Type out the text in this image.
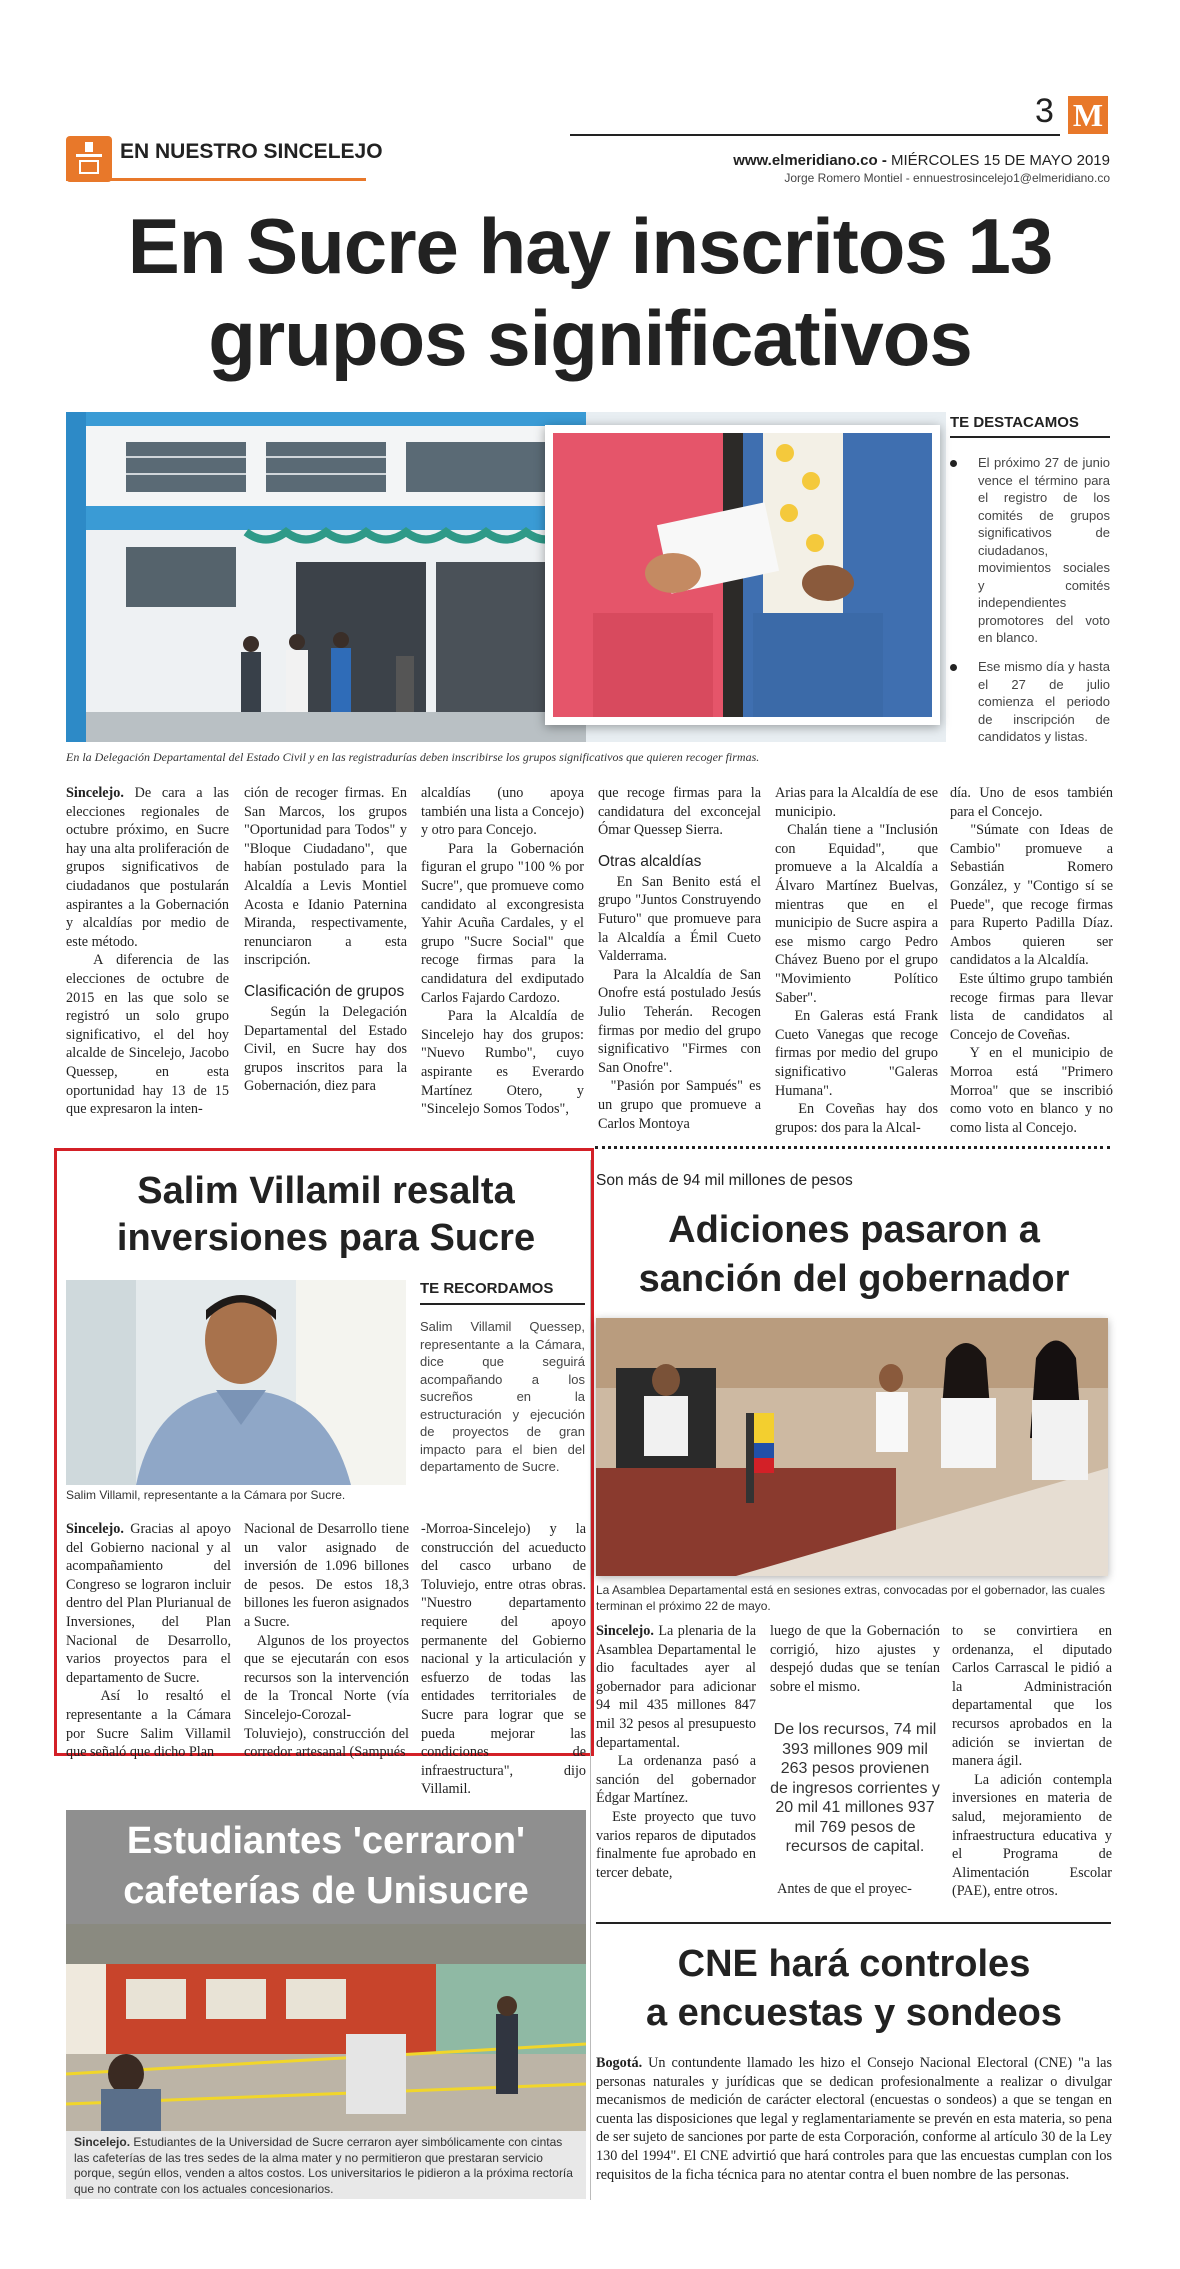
3 M
EN NUESTRO SINCELEJO	www.elmeridiano.co - MIÉRCOLES 15 DE MAYO 2019
Jorge Romero Montiel - ennuestrosincelejo1@elmeridiano.co
En Sucre hay inscritos 13
grupos significativos
En la Delegación Departamental del Estado Civil y en las registradurías deben inscribirse los grupos significativos que quieren recoger firmas.
TE DESTACAMOS
El próximo 27 de junio vence el término para el registro de los comités de grupos significativos de ciudadanos, movimientos sociales y comités independientes promotores del voto en blanco.
Ese mismo día y hasta el 27 de julio comienza el periodo de inscripción de candidatos y listas.

Sincelejo. De cara a las elecciones regionales de octubre próximo, en Sucre hay una alta proliferación de grupos significativos de ciudadanos que postularán aspirantes a la Gobernación y alcaldías por medio de este método.

A diferencia de las elecciones de octubre de 2015 en las que solo se registró un solo grupo significativo, el del hoy alcalde de Sincelejo, Jacobo Quessep, en esta oportunidad hay 13 de 15 que expresaron la inten-

ción de recoger firmas. En San Marcos, los grupos "Oportunidad para Todos" y "Bloque Ciudadano", que habían postulado para la Alcaldía a Levis Montiel Acosta e Idanio Paternina Miranda, respectivamente, renunciaron a esta inscripción.

Clasificación de grupos

Según la Delegación Departamental del Estado Civil, en Sucre hay dos grupos inscritos para la Gobernación, diez para

alcaldías (uno apoya también una lista a Concejo) y otro para Concejo.

Para la Gobernación figuran el grupo "100 % por Sucre", que promueve como candidato al excongresista Yahir Acuña Cardales, y el grupo "Sucre Social" que recoge firmas para la candidatura del exdiputado Carlos Fajardo Cardozo.

Para la Alcaldía de Sincelejo hay dos grupos: "Nuevo Rumbo", cuyo aspirante es Everardo Martínez Otero, y "Sincelejo Somos Todos",

que recoge firmas para la candidatura del exconcejal Ómar Quessep Sierra.

Otras alcaldías

En San Benito está el grupo "Juntos Construyendo Futuro" que promueve para la Alcaldía a Émil Cueto Valderrama.

Para la Alcaldía de San Onofre está postulado Jesús Julio Teherán. Recogen firmas por medio del grupo significativo "Firmes con San Onofre".

"Pasión por Sampués" es un grupo que promueve a Carlos Montoya

Arias para la Alcaldía de ese municipio.

Chalán tiene a "Inclusión con Equidad", que promueve a la Alcaldía a Álvaro Martínez Buelvas, mientras que en el municipio de Sucre aspira a ese mismo cargo Pedro Chávez Bueno por el grupo "Movimiento Político Saber".

En Galeras está Frank Cueto Vanegas que recoge firmas por medio del grupo significativo "Galeras Humana".

En Coveñas hay dos grupos: dos para la Alcal-

día. Uno de esos también para el Concejo.

"Súmate con Ideas de Cambio" promueve a Sebastián Romero González, y "Contigo sí se Puede", que recoge firmas para Ruperto Padilla Díaz. Ambos quieren ser candidatos a la Alcaldía.

Este último grupo también recoge firmas para llevar lista de candidatos al Concejo de Coveñas.

Y en el municipio de Morroa está "Primero Morroa" que se inscribió como voto en blanco y no como lista al Concejo.

Salim Villamil resalta
inversiones para Sucre
Salim Villamil, representante a la Cámara por Sucre.
TE RECORDAMOS
Salim Villamil Quessep, representante a la Cámara, dice que seguirá acompañando a los sucreños en la estructuración y ejecución de proyectos de gran impacto para el bien del departamento de Sucre.

Sincelejo. Gracias al apoyo del Gobierno nacional y al acompañamiento del Congreso se lograron incluir dentro del Plan Plurianual de Inversiones, del Plan Nacional de Desarrollo, varios proyectos para el departamento de Sucre.

Así lo resaltó el representante a la Cámara por Sucre Salim Villamil que señaló que dicho Plan

Nacional de Desarrollo tiene un valor asignado de inversión de 1.096 billones de pesos. De estos 18,3 billones les fueron asignados a Sucre.

Algunos de los proyectos que se ejecutarán con esos recursos son la intervención de la Troncal Norte (vía Sincelejo-Corozal-Toluviejo), construcción del corredor artesanal (Sampués

-Morroa-Sincelejo) y la construcción del acueducto del casco urbano de Toluviejo, entre otras obras. "Nuestro departamento requiere del apoyo permanente del Gobierno nacional y la articulación y esfuerzo de todas las entidades territoriales de Sucre para lograr que se pueda mejorar las condiciones de infraestructura", dijo Villamil.

Son más de 94 mil millones de pesos
Adiciones pasaron a
sanción del gobernador
La Asamblea Departamental está en sesiones extras, convocadas por el gobernador, las cuales terminan el próximo 22 de mayo.

Sincelejo. La plenaria de la Asamblea Departamental le dio facultades ayer al gobernador para adicionar 94 mil 435 millones 847 mil 32 pesos al presupuesto departamental.

La ordenanza pasó a sanción del gobernador Édgar Martínez.

Este proyecto que tuvo varios reparos de diputados finalmente fue aprobado en tercer debate,

luego de que la Gobernación corrigió, hizo ajustes y despejó dudas que se tenían sobre el mismo.

De los recursos, 74 mil 393 millones 909 mil 263 pesos provienen de ingresos corrientes y 20 mil 41 millones 937 mil 769 pesos de recursos de capital.

Antes de que el proyec-

to se convirtiera en ordenanza, el diputado Carlos Carrascal le pidió a la Administración departamental que los recursos aprobados en la adición se inviertan de manera ágil.

La adición contempla inversiones en materia de salud, mejoramiento de infraestructura educativa y el Programa de Alimentación Escolar (PAE), entre otros.

Estudiantes 'cerraron'
cafeterías de Unisucre
Sincelejo. Estudiantes de la Universidad de Sucre cerraron ayer simbólicamente con cintas las cafeterías de las tres sedes de la alma mater y no permitieron que prestaran servicio porque, según ellos, venden a altos costos. Los universitarios le pidieron a la próxima rectoría que no contrate con los actuales concesionarios.
CNE hará controles
a encuestas y sondeos
Bogotá. Un contundente llamado les hizo el Consejo Nacional Electoral (CNE) "a las personas naturales y jurídicas que se dedican profesionalmente a realizar o divulgar mecanismos de medición de carácter electoral (encuestas o sondeos) a que se tengan en cuenta las disposiciones que legal y reglamentariamente se prevén en esta materia, so pena de ser sujeto de sanciones por parte de esta Corporación, conforme al artículo 30 de la Ley 130 del 1994". El CNE advirtió que hará controles para que las encuestas cumplan con los requisitos de la ficha técnica para no atentar contra el buen nombre de las personas.
